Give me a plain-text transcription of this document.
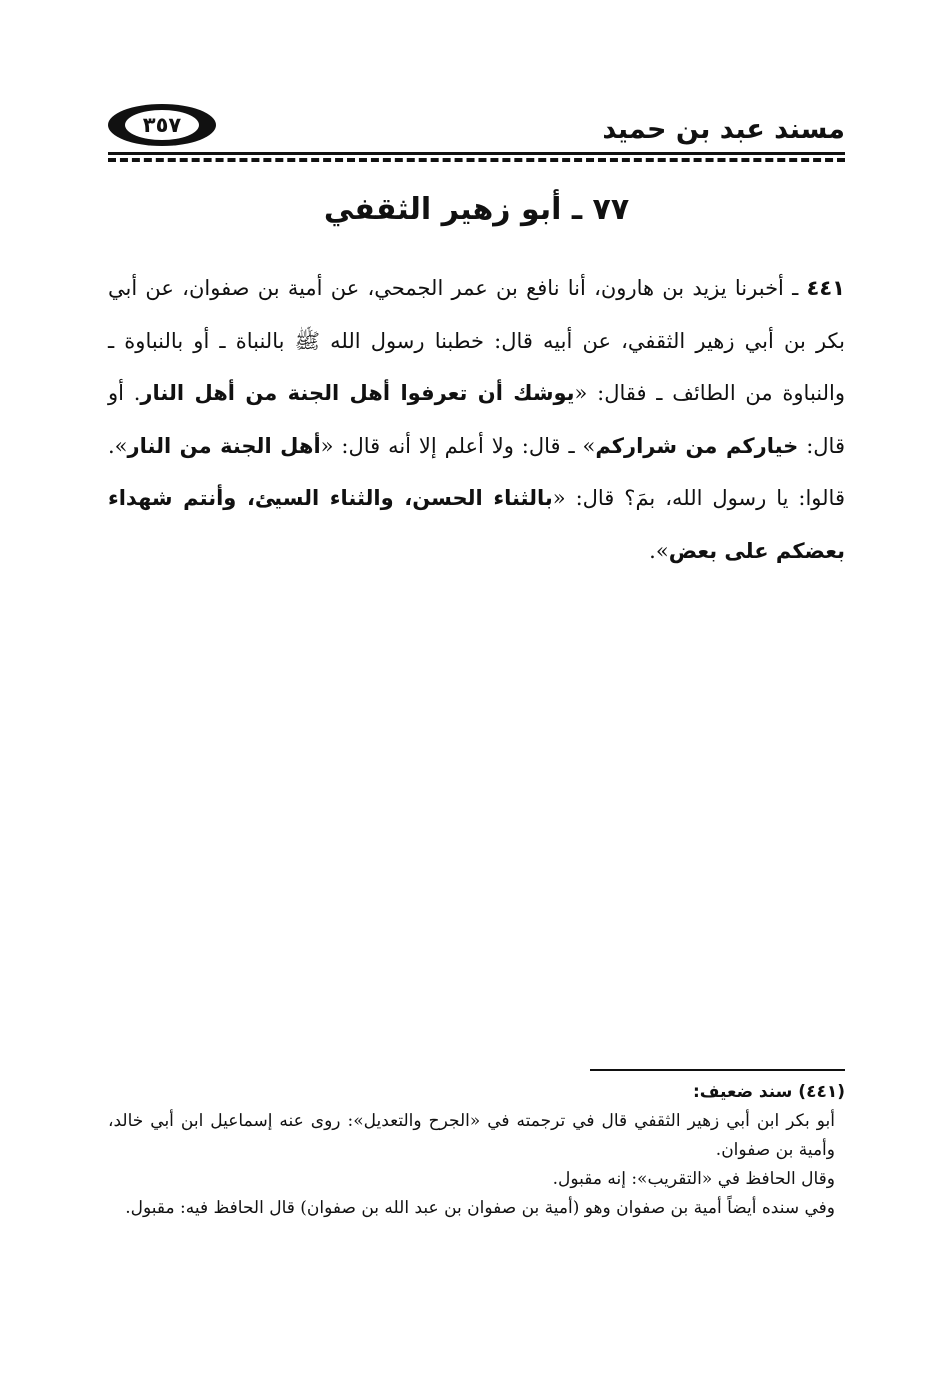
مسند عبد بن حميد
٣٥٧
٧٧ ـ أبو زهير الثقفي
٤٤١ ـ أخبرنا يزيد بن هارون، أنا نافع بن عمر الجمحي، عن أمية بن صفوان، عن أبي بكر بن أبي زهير الثقفي، عن أبيه قال: خطبنا رسول الله ﷺ بالنباة ـ أو بالنباوة ـ والنباوة من الطائف ـ فقال: «يوشك أن تعرفوا أهل الجنة من أهل النار. أو قال: خياركم من شراركم» ـ قال: ولا أعلم إلا أنه قال: «أهل الجنة من النار». قالوا: يا رسول الله، بمَ؟ قال: «بالثناء الحسن، والثناء السيئ، وأنتم شهداء بعضكم على بعض».

(٤٤١) سند ضعيف:

أبو بكر ابن أبي زهير الثقفي قال في ترجمته في «الجرح والتعديل»: روى عنه إسماعيل ابن أبي خالد، وأمية بن صفوان.

وقال الحافظ في «التقريب»: إنه مقبول.

وفي سنده أيضاً أمية بن صفوان وهو (أمية بن صفوان بن عبد الله بن صفوان) قال الحافظ فيه: مقبول.
